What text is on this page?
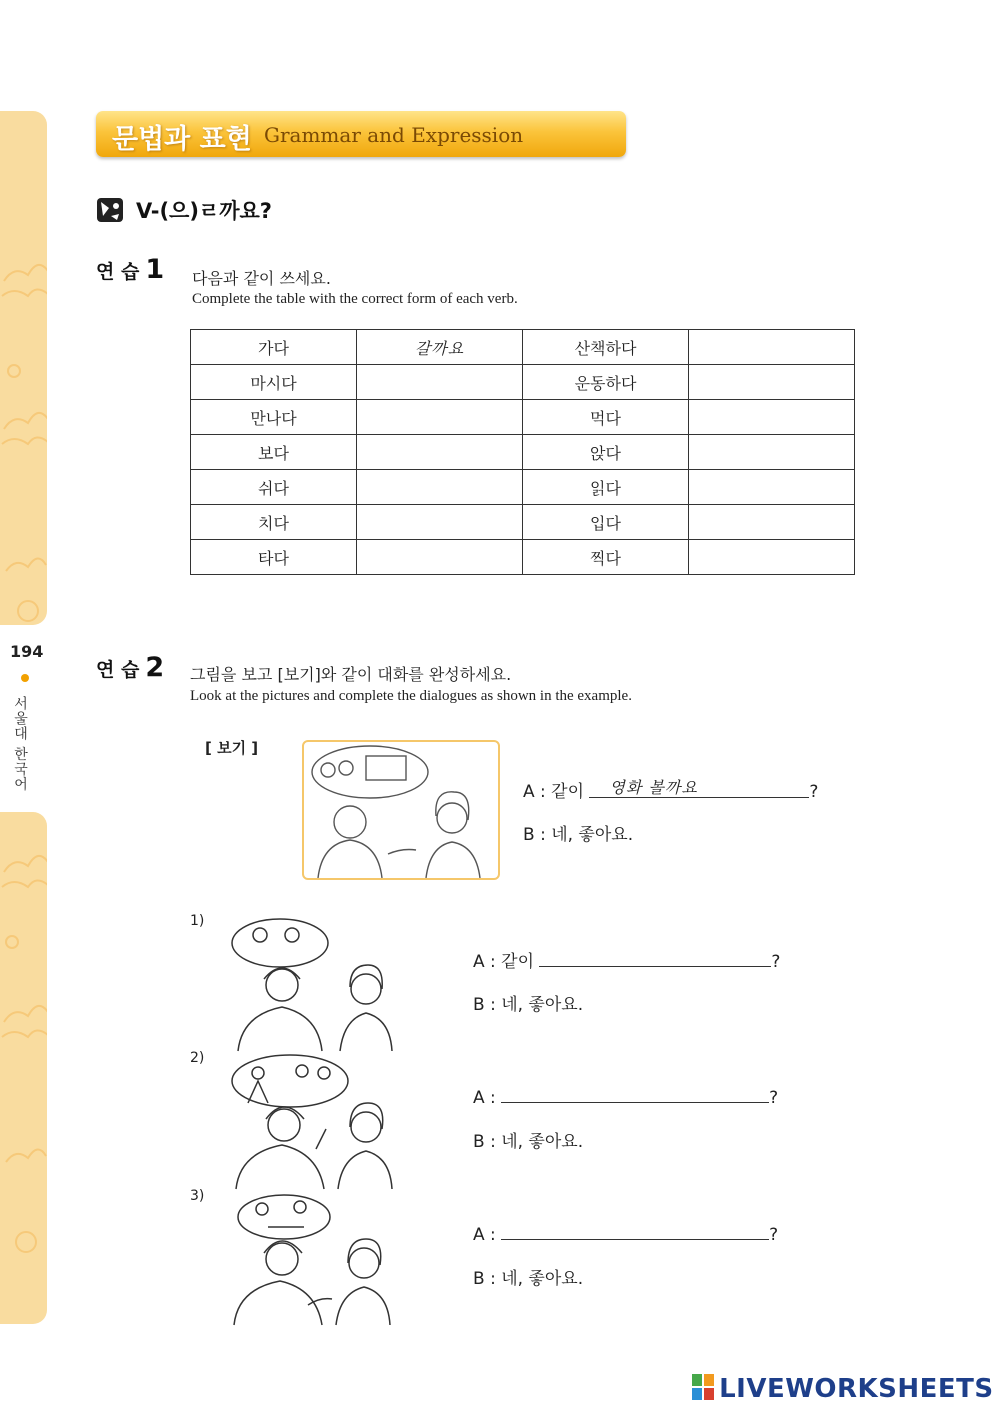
194
서울대 한국어
문법과 표현 Grammar and Expression
V-(으)ㄹ까요?
연 습 1 다음과 같이 쓰세요.
Complete the table with the correct form of each verb.
가다	갈까요	산책하다	
마시다		운동하다	
만나다		먹다	
보다		앉다	
쉬다		읽다	
치다		입다	
타다		찍다	
연 습 2 그림을 보고 [보기]와 같이 대화를 완성하세요.
Look at the pictures and complete the dialogues as shown in the example.
[ 보기 ]
A : 같이 영화 볼까요	?
B : 네, 좋아요.
1)
A : 같이	?
B : 네, 좋아요.
2)
A :	?
B : 네, 좋아요.
3)
A :	?
B : 네, 좋아요.
LIVEWORKSHEETS
